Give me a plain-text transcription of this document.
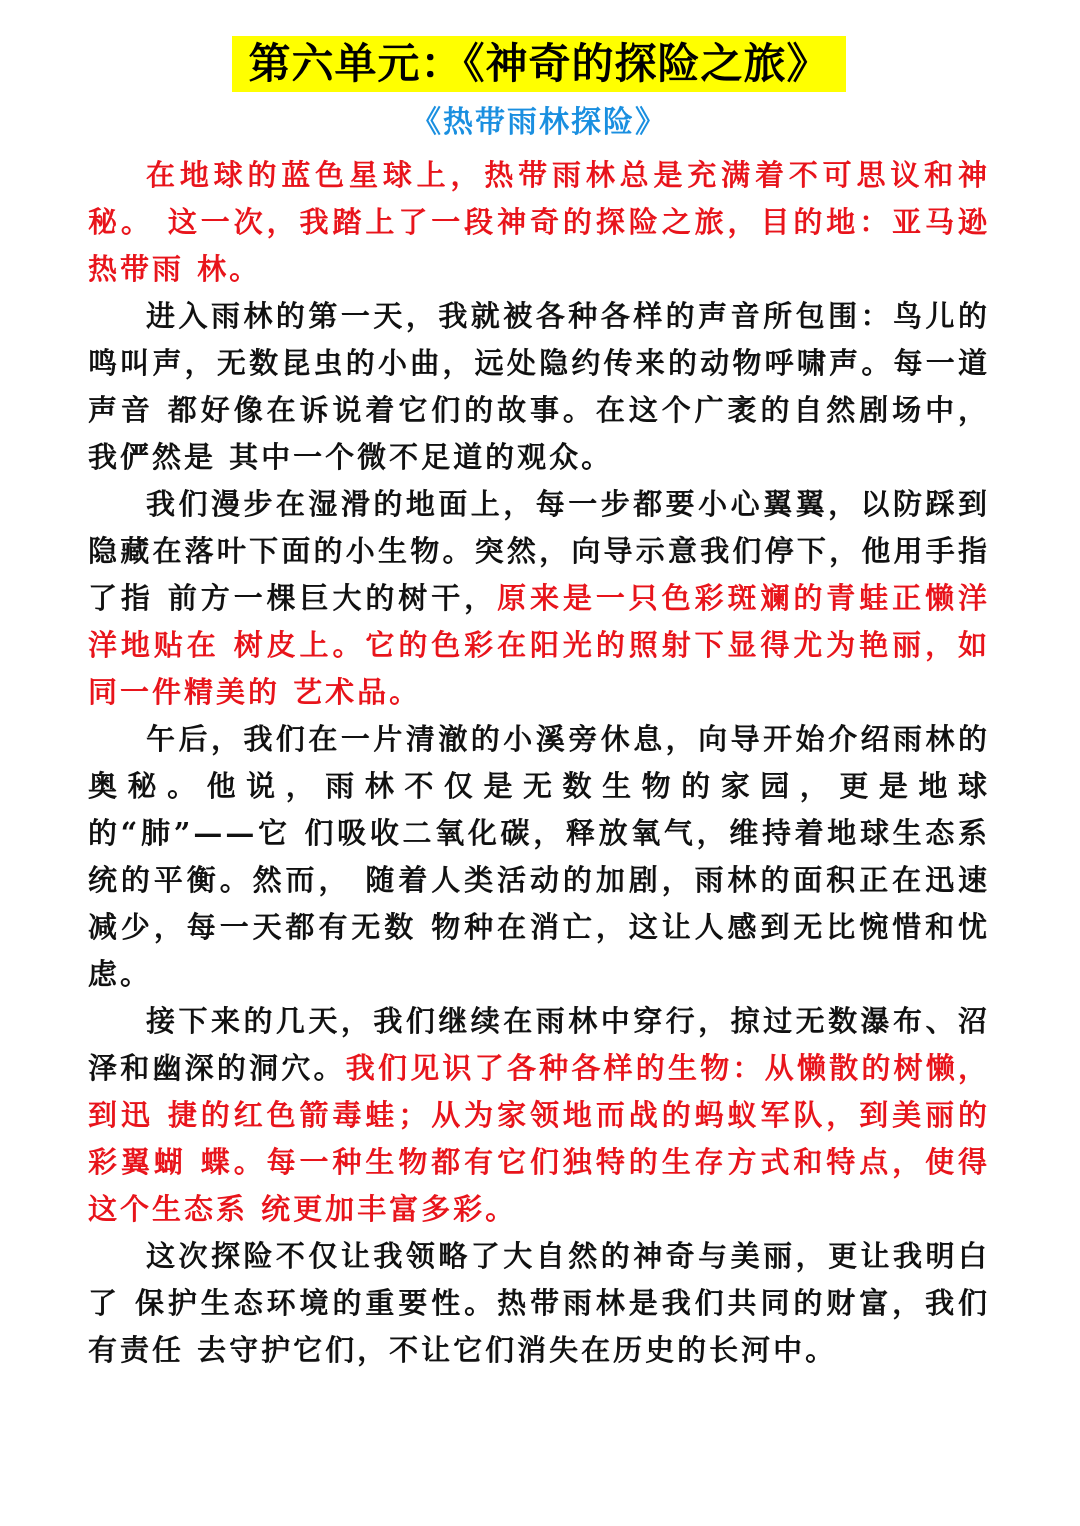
第六单元：《神奇的探险之旅》
《热带雨林探险》

在地球的蓝色星球上，热带雨林总是充满着不可思议和神秘。 这一次，我踏上了一段神奇的探险之旅，目的地：亚马逊热带雨 林。

进入雨林的第一天，我就被各种各样的声音所包围：鸟儿的鸣叫声，无数昆虫的小曲，远处隐约传来的动物呼啸声。每一道声音 都好像在诉说着它们的故事。在这个广袤的自然剧场中，我俨然是 其中一个微不足道的观众。

我们漫步在湿滑的地面上，每一步都要小心翼翼，以防踩到隐藏在落叶下面的小生物。突然，向导示意我们停下，他用手指了指 前方一棵巨大的树干，原来是一只色彩斑斓的青蛙正懒洋洋地贴在 树皮上。它的色彩在阳光的照射下显得尤为艳丽，如同一件精美的 艺术品。

午后，我们在一片清澈的小溪旁休息，向导开始介绍雨林的奥秘。他说，雨林不仅是无数生物的家园，更是地球的“肺”——它 们吸收二氧化碳，释放氧气，维持着地球生态系统的平衡。然而， 随着人类活动的加剧，雨林的面积正在迅速减少，每一天都有无数 物种在消亡，这让人感到无比惋惜和忧虑。

接下来的几天，我们继续在雨林中穿行，掠过无数瀑布、沼泽和幽深的洞穴。我们见识了各种各样的生物：从懒散的树懒，到迅 捷的红色箭毒蛙；从为家领地而战的蚂蚁军队，到美丽的彩翼蝴 蝶。每一种生物都有它们独特的生存方式和特点，使得这个生态系 统更加丰富多彩。

这次探险不仅让我领略了大自然的神奇与美丽，更让我明白了 保护生态环境的重要性。热带雨林是我们共同的财富，我们有责任 去守护它们，不让它们消失在历史的长河中。
